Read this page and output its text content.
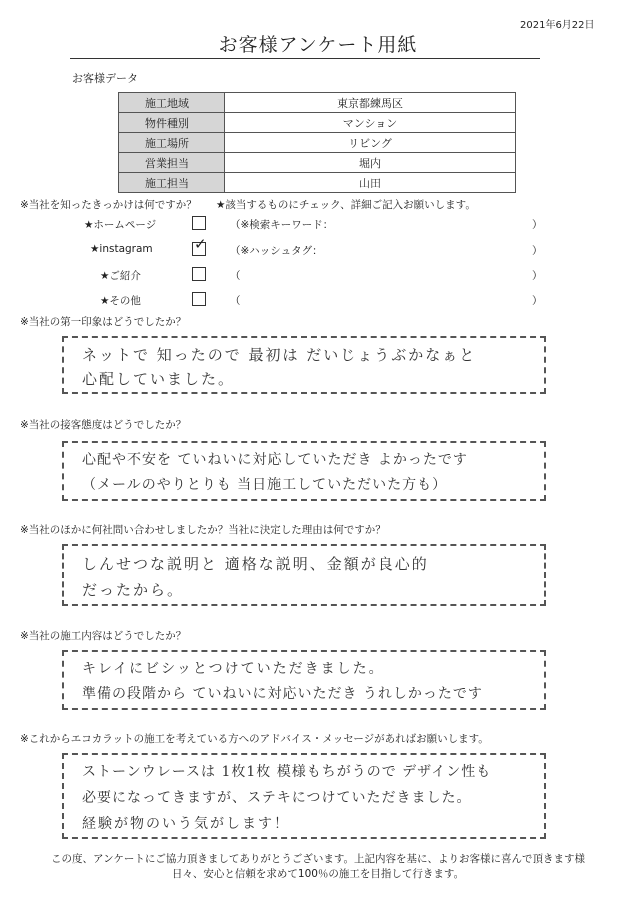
2021年6月22日
お客様アンケート用紙
お客様データ
施工地域	東京都練馬区
物件種別	マンション
施工場所	リビング
営業担当	堀内
施工担当	山田
※当社を知ったきっかけは何ですか？ ★該当するものにチェック、詳細ご記入お願いします。
★ホームページ	（※検索キーワード：	）
★instagram	✓ （※ハッシュタグ：	）
★ご紹介	（	）
★その他	（	）
※当社の第一印象はどうでしたか？
ネットで 知ったので 最初は だいじょうぶかなぁと
心配していました。
※当社の接客態度はどうでしたか？
心配や不安を ていねいに対応していただき よかったです
（メールのやりとりも 当日施工していただいた方も）
※当社のほかに何社問い合わせしましたか？当社に決定した理由は何ですか？
しんせつな説明と 適格な説明、金額が良心的
だったから。
※当社の施工内容はどうでしたか？
キレイにビシッとつけていただきました。
準備の段階から ていねいに対応いただき うれしかったです
※これからエコカラットの施工を考えている方へのアドバイス・メッセージがあればお願いします。
ストーンウレースは 1枚1枚 模様もちがうので デザイン性も
必要になってきますが、ステキにつけていただきました。
経験が物のいう気がします！
この度、アンケートにご協力頂きましてありがとうございます。上記内容を基に、よりお客様に喜んで頂きます様
日々、安心と信頼を求めて100％の施工を目指して行きます。
